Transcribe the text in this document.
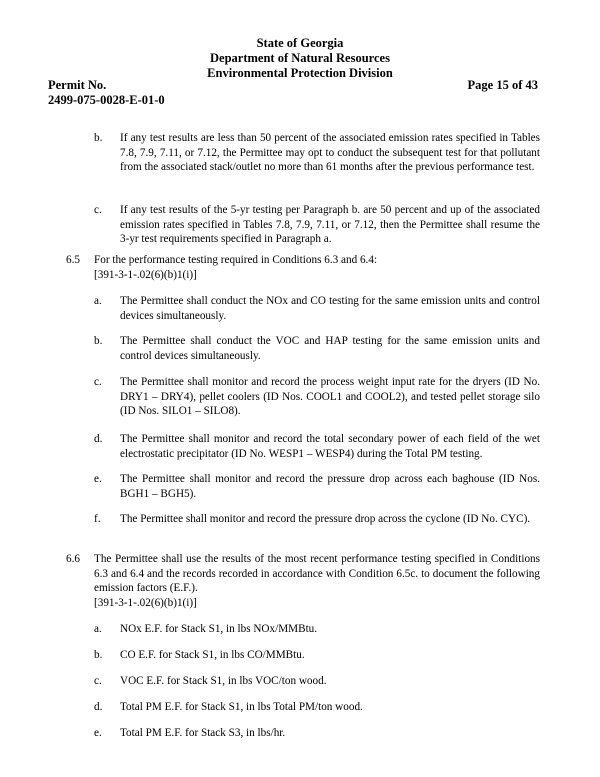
State of Georgia
Department of Natural Resources
Environmental Protection Division
Permit No.
2499-075-0028-E-01-0
Page 15 of 43
b. If any test results are less than 50 percent of the associated emission rates specified in Tables 7.8, 7.9, 7.11, or 7.12, the Permittee may opt to conduct the subsequent test for that pollutant from the associated stack/outlet no more than 61 months after the previous performance test.
c. If any test results of the 5-yr testing per Paragraph b. are 50 percent and up of the associated emission rates specified in Tables 7.8, 7.9, 7.11, or 7.12, then the Permittee shall resume the 3-yr test requirements specified in Paragraph a.
6.5 For the performance testing required in Conditions 6.3 and 6.4:
[391-3-1-.02(6)(b)1(i)]
a. The Permittee shall conduct the NOx and CO testing for the same emission units and control devices simultaneously.
b. The Permittee shall conduct the VOC and HAP testing for the same emission units and control devices simultaneously.
c. The Permittee shall monitor and record the process weight input rate for the dryers (ID No. DRY1 – DRY4), pellet coolers (ID Nos. COOL1 and COOL2), and tested pellet storage silo (ID Nos. SILO1 – SILO8).
d. The Permittee shall monitor and record the total secondary power of each field of the wet electrostatic precipitator (ID No. WESP1 – WESP4) during the Total PM testing.
e. The Permittee shall monitor and record the pressure drop across each baghouse (ID Nos. BGH1 – BGH5).
f. The Permittee shall monitor and record the pressure drop across the cyclone (ID No. CYC).
6.6 The Permittee shall use the results of the most recent performance testing specified in Conditions 6.3 and 6.4 and the records recorded in accordance with Condition 6.5c. to document the following emission factors (E.F.).
[391-3-1-.02(6)(b)1(i)]
a. NOx E.F. for Stack S1, in lbs NOx/MMBtu.
b. CO E.F. for Stack S1, in lbs CO/MMBtu.
c. VOC E.F. for Stack S1, in lbs VOC/ton wood.
d. Total PM E.F. for Stack S1, in lbs Total PM/ton wood.
e. Total PM E.F. for Stack S3, in lbs/hr.
